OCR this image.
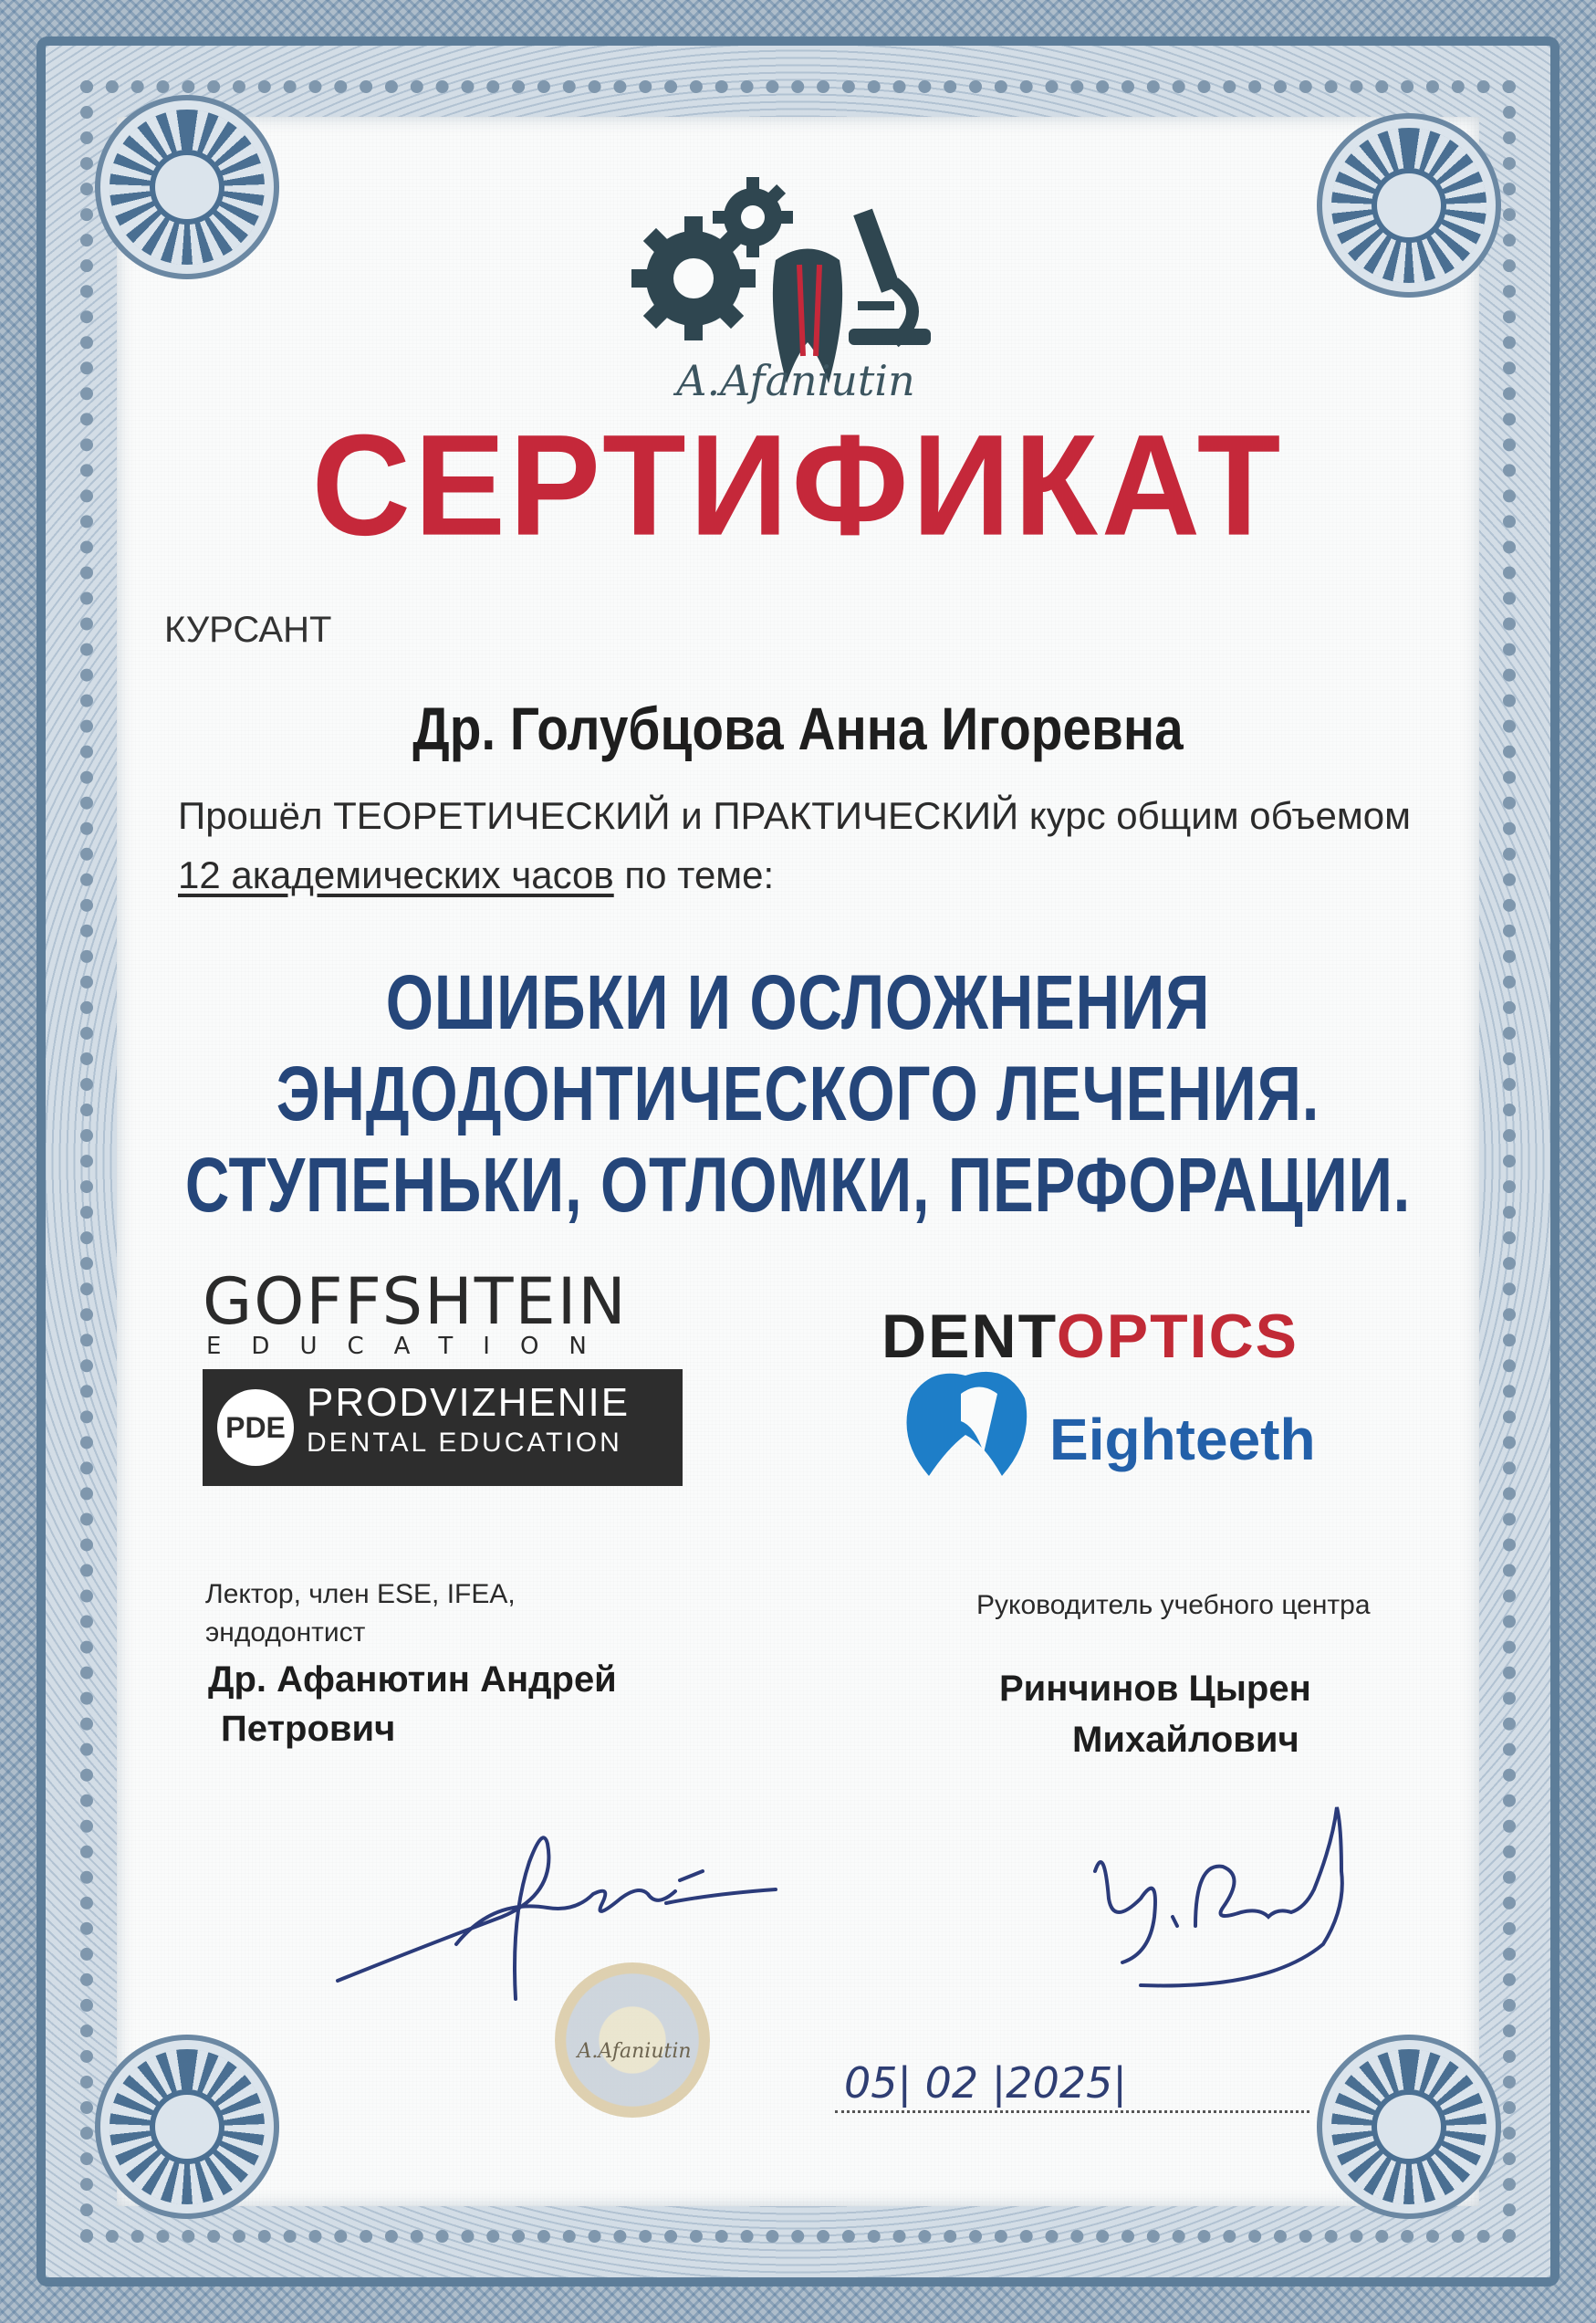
A.Afaniutin
СЕРТИФИКАТ
КУРСАНТ
Др. Голубцова Анна Игоревна
Прошёл ТЕОРЕТИЧЕСКИЙ и ПРАКТИЧЕСКИЙ курс общим объемом
12 академических часов по теме:
ОШИБКИ И ОСЛОЖНЕНИЯ
ЭНДОДОНТИЧЕСКОГО ЛЕЧЕНИЯ.
СТУПЕНЬКИ, ОТЛОМКИ, ПЕРФОРАЦИИ.
GOFFSHTEIN
EDUCATION
PDE
PRODVIZHENIE
DENTAL EDUCATION
DENTOPTICS
Eighteeth
Лектор, член ESE, IFEA,
эндодонтист
Др. Афанютин Андрей
Петрович
Руководитель учебного центра
Ринчинов Цырен
Михайлович
A.Afaniutin
05| 02 |2025|
